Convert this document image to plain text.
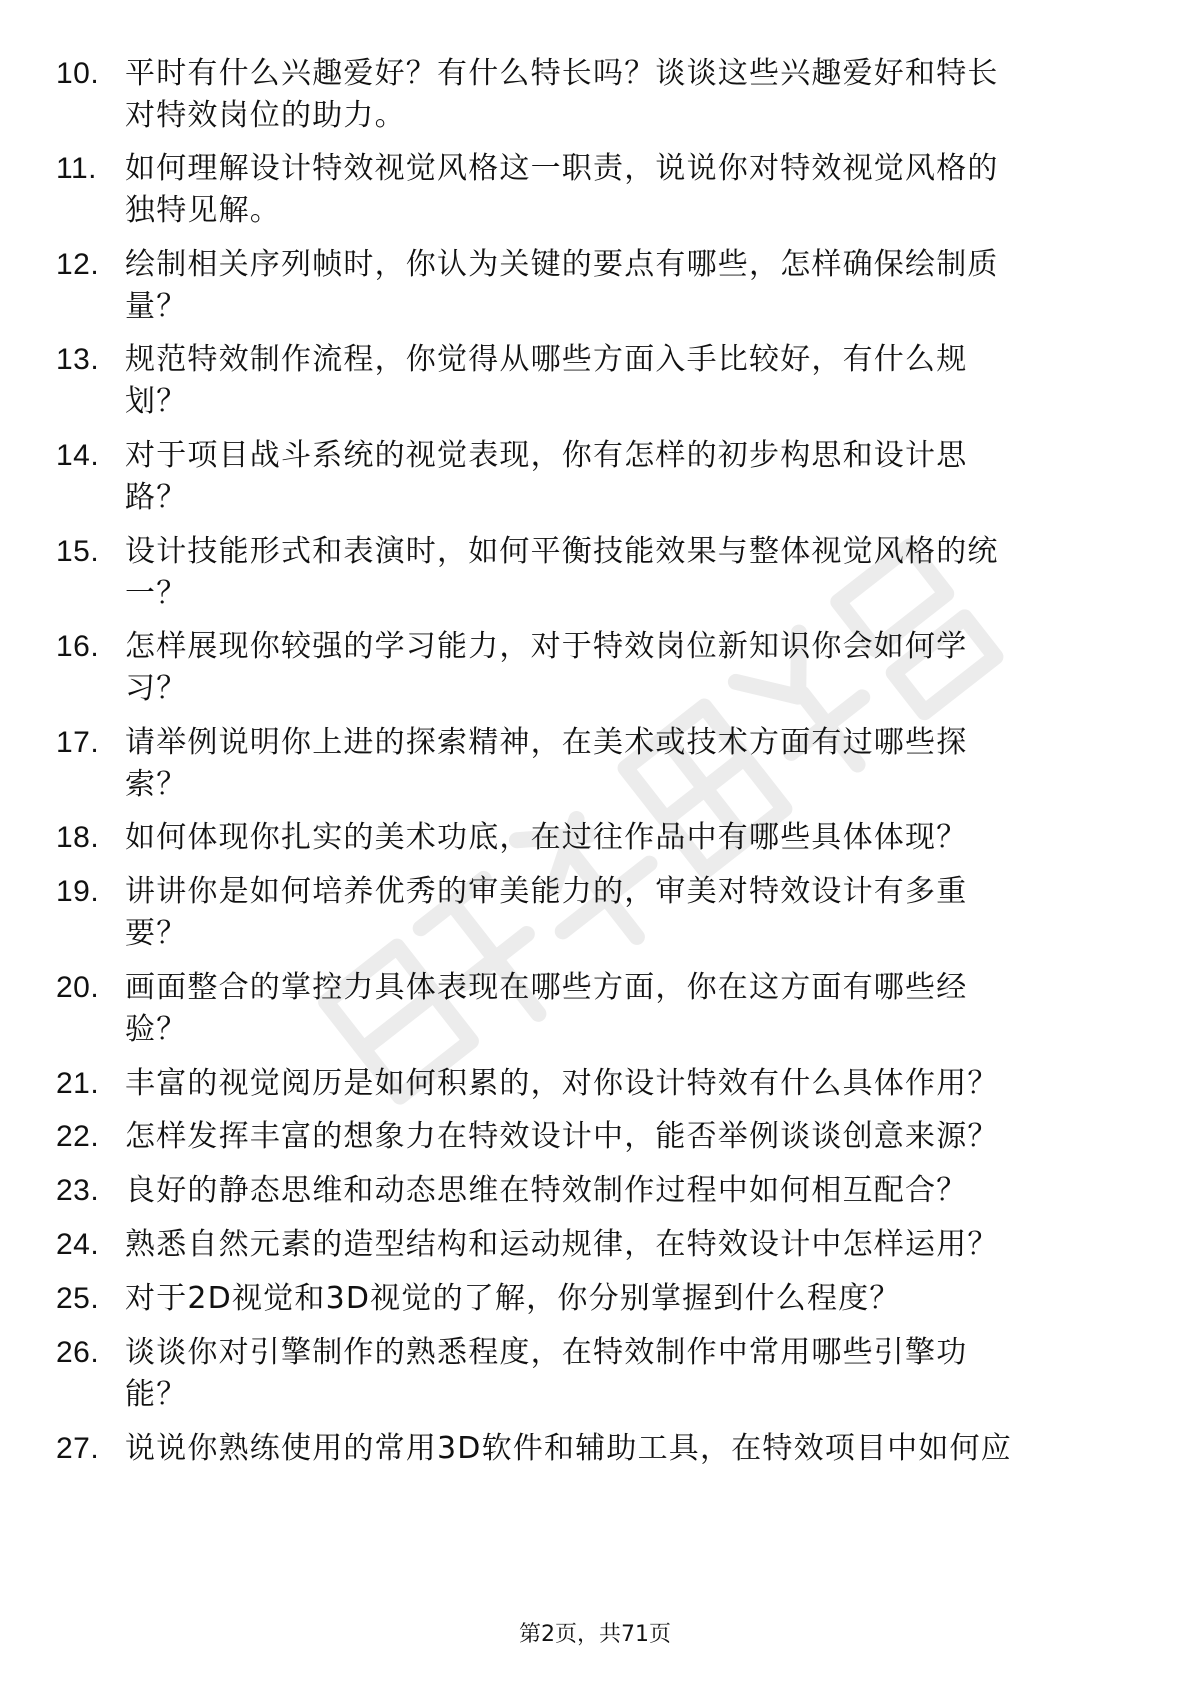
10. 平时有什么兴趣爱好？有什么特长吗？谈谈这些兴趣爱好和特长
对特效岗位的助力。
11. 如何理解设计特效视觉风格这一职责，说说你对特效视觉风格的
独特见解。
12. 绘制相关序列帧时，你认为关键的要点有哪些，怎样确保绘制质
量？
13. 规范特效制作流程，你觉得从哪些方面入手比较好，有什么规
划？
14. 对于项目战斗系统的视觉表现，你有怎样的初步构思和设计思
路？
15. 设计技能形式和表演时，如何平衡技能效果与整体视觉风格的统
一？
16. 怎样展现你较强的学习能力，对于特效岗位新知识你会如何学
习？
17. 请举例说明你上进的探索精神，在美术或技术方面有过哪些探
索？
18. 如何体现你扎实的美术功底，在过往作品中有哪些具体体现？
19. 讲讲你是如何培养优秀的审美能力的，审美对特效设计有多重
要？
20. 画面整合的掌控力具体表现在哪些方面，你在这方面有哪些经
验？
21. 丰富的视觉阅历是如何积累的，对你设计特效有什么具体作用？
22. 怎样发挥丰富的想象力在特效设计中，能否举例谈谈创意来源？
23. 良好的静态思维和动态思维在特效制作过程中如何相互配合？
24. 熟悉自然元素的造型结构和运动规律，在特效设计中怎样运用？
25. 对于2D视觉和3D视觉的了解，你分别掌握到什么程度？
26. 谈谈你对引擎制作的熟悉程度，在特效制作中常用哪些引擎功
能？
27. 说说你熟练使用的常用3D软件和辅助工具，在特效项目中如何应
第2页，共71页
